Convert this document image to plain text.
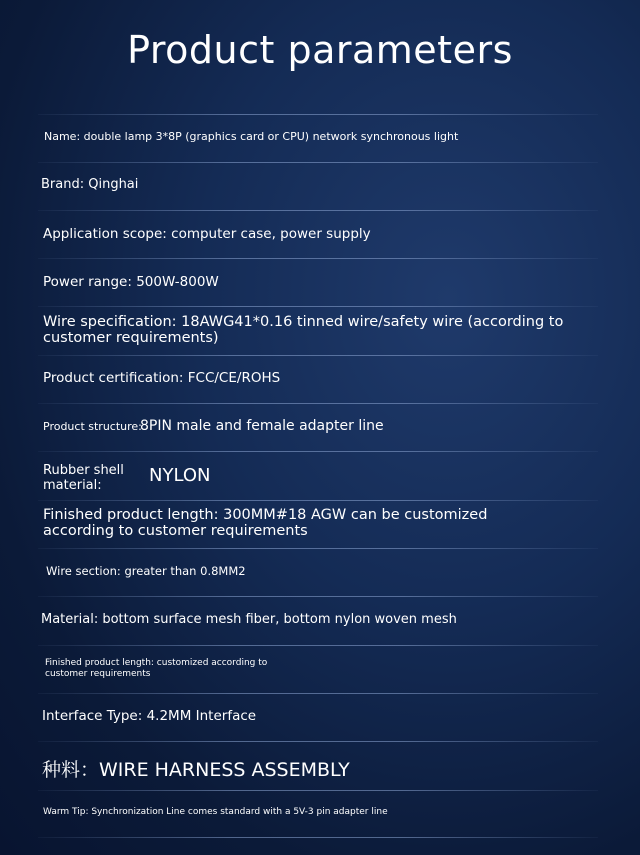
Product parameters
Name: double lamp 3*8P (graphics card or CPU) network synchronous light
Brand: Qinghai
Application scope: computer case, power supply
Power range: 500W-800W
Wire specification: 18AWG41*0.16 tinned wire/safety wire (according to
customer requirements)
Product certification: FCC/CE/ROHS
Product structure:
8PIN male and female adapter line
Rubber shell
material:	NYLON
Finished product length: 300MM#18 AGW can be customized
according to customer requirements
Wire section: greater than 0.8MM2
Material: bottom surface mesh fiber, bottom nylon woven mesh
Finished product length: customized according to
customer requirements
Interface Type: 4.2MM Interface
种料：WIRE HARNESS ASSEMBLY
Warm Tip: Synchronization Line comes standard with a 5V-3 pin adapter line
